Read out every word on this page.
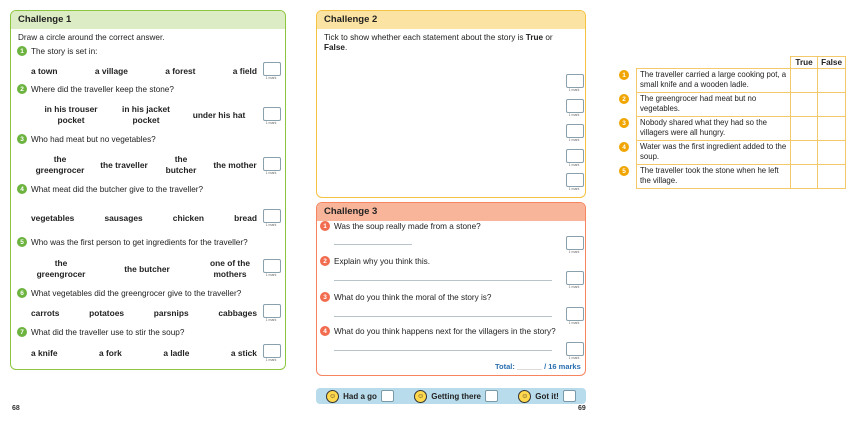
Challenge 1
Draw a circle around the correct answer.
1 The story is set in:
a town	a village	a forest	a field
1 mark
2 Where did the traveller keep the stone?
in his trouser pocket
in his jacket pocket
under his hat
1 mark
3 Who had meat but no vegetables?
the greengrocer
the traveller
the butcher
the mother
1 mark
4 What meat did the butcher give to the traveller?
vegetables	sausages	chicken	bread
1 mark
5 Who was the first person to get ingredients for the traveller?
the greengrocer
the butcher
one of the mothers	1 mark
6 What vegetables did the greengrocer give to the traveller?
carrots	potatoes	parsnips	cabbages
1 mark
7 What did the traveller use to stir the soup?
a knife	a fork	a ladle	a stick
1 mark
68
Challenge 2
Tick to show whether each statement about the story is True or False.
		True	False
1	The traveller carried a large cooking pot, a small knife and a wooden ladle.		
2	The greengrocer had meat but no vegetables.		
3	Nobody shared what they had so the villagers were all hungry.		
4	Water was the first ingredient added to the soup.		
5	The traveller took the stone when he left the village.		
1 mark
1 mark
1 mark
1 mark
1 mark
Challenge 3
1 Was the soup really made from a stone?
1 mark
2 Explain why you think this.
1 mark
3 What do you think the moral of the story is?
1 mark
4 What do you think happens next for the villagers in the story?
1 mark
Total: ______ / 16 marks
☺ Had a go	☺ Getting there	☺ Got it!
69
